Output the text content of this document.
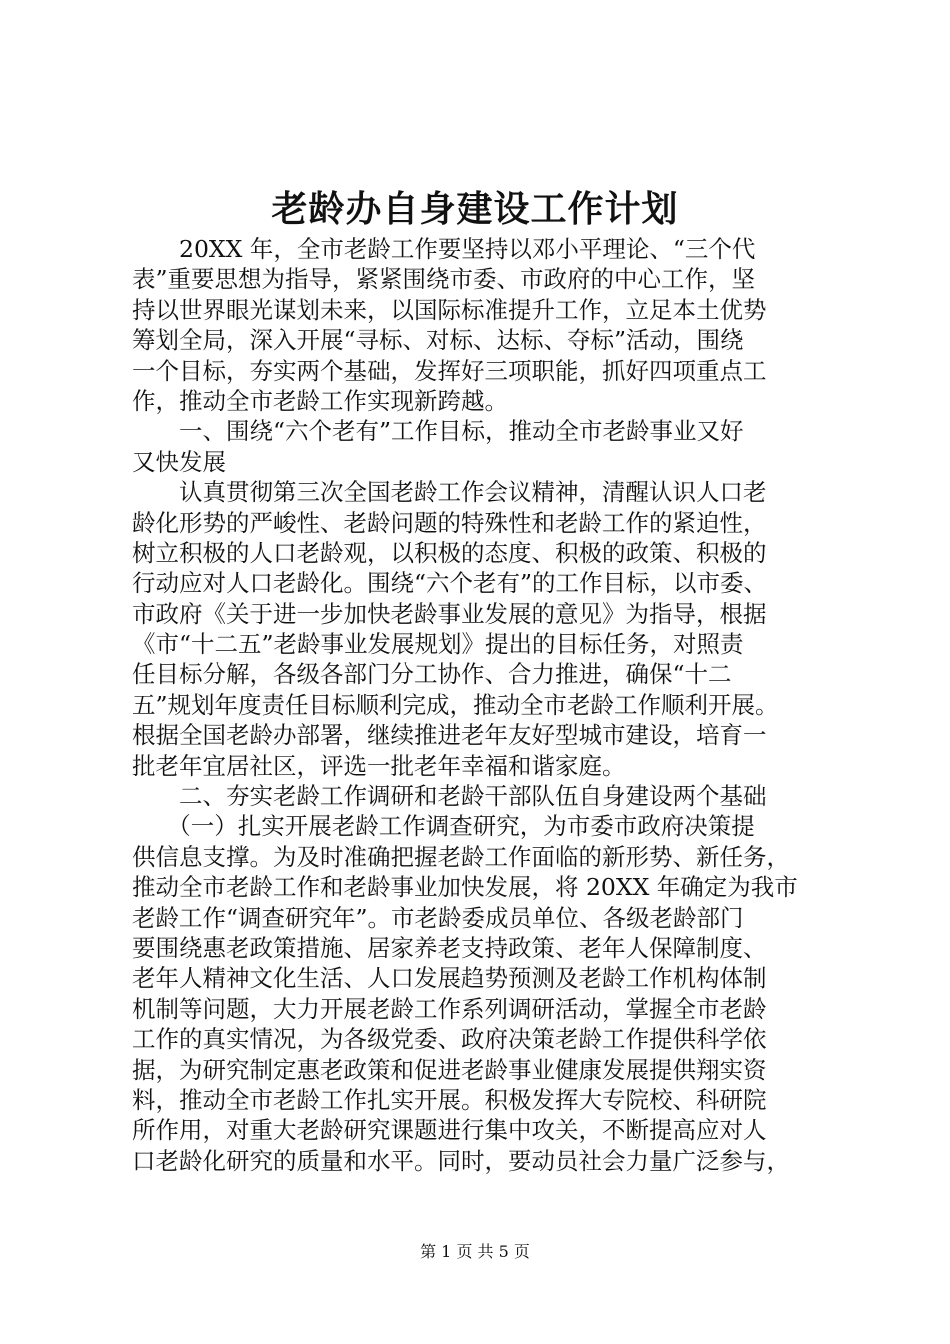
老龄办自身建设工作计划
　　20XX 年，全市老龄工作要坚持以邓小平理论、“三个代
表”重要思想为指导，紧紧围绕市委、市政府的中心工作，坚
持以世界眼光谋划未来，以国际标准提升工作，立足本土优势
筹划全局，深入开展“寻标、对标、达标、夺标”活动，围绕
一个目标，夯实两个基础，发挥好三项职能，抓好四项重点工
作，推动全市老龄工作实现新跨越。
　　一、围绕“六个老有”工作目标，推动全市老龄事业又好
又快发展
　　认真贯彻第三次全国老龄工作会议精神，清醒认识人口老
龄化形势的严峻性、老龄问题的特殊性和老龄工作的紧迫性，
树立积极的人口老龄观，以积极的态度、积极的政策、积极的
行动应对人口老龄化。围绕“六个老有”的工作目标，以市委、
市政府《关于进一步加快老龄事业发展的意见》为指导，根据
《市“十二五”老龄事业发展规划》提出的目标任务，对照责
任目标分解，各级各部门分工协作、合力推进，确保“十二
五”规划年度责任目标顺利完成，推动全市老龄工作顺利开展。
根据全国老龄办部署，继续推进老年友好型城市建设，培育一
批老年宜居社区，评选一批老年幸福和谐家庭。
　　二、夯实老龄工作调研和老龄干部队伍自身建设两个基础
　　（一）扎实开展老龄工作调查研究，为市委市政府决策提
供信息支撑。为及时准确把握老龄工作面临的新形势、新任务，
推动全市老龄工作和老龄事业加快发展，将 20XX 年确定为我市
老龄工作“调查研究年”。市老龄委成员单位、各级老龄部门
要围绕惠老政策措施、居家养老支持政策、老年人保障制度、
老年人精神文化生活、人口发展趋势预测及老龄工作机构体制
机制等问题，大力开展老龄工作系列调研活动，掌握全市老龄
工作的真实情况，为各级党委、政府决策老龄工作提供科学依
据，为研究制定惠老政策和促进老龄事业健康发展提供翔实资
料，推动全市老龄工作扎实开展。积极发挥大专院校、科研院
所作用，对重大老龄研究课题进行集中攻关，不断提高应对人
口老龄化研究的质量和水平。同时，要动员社会力量广泛参与，
第 1 页 共 5 页
